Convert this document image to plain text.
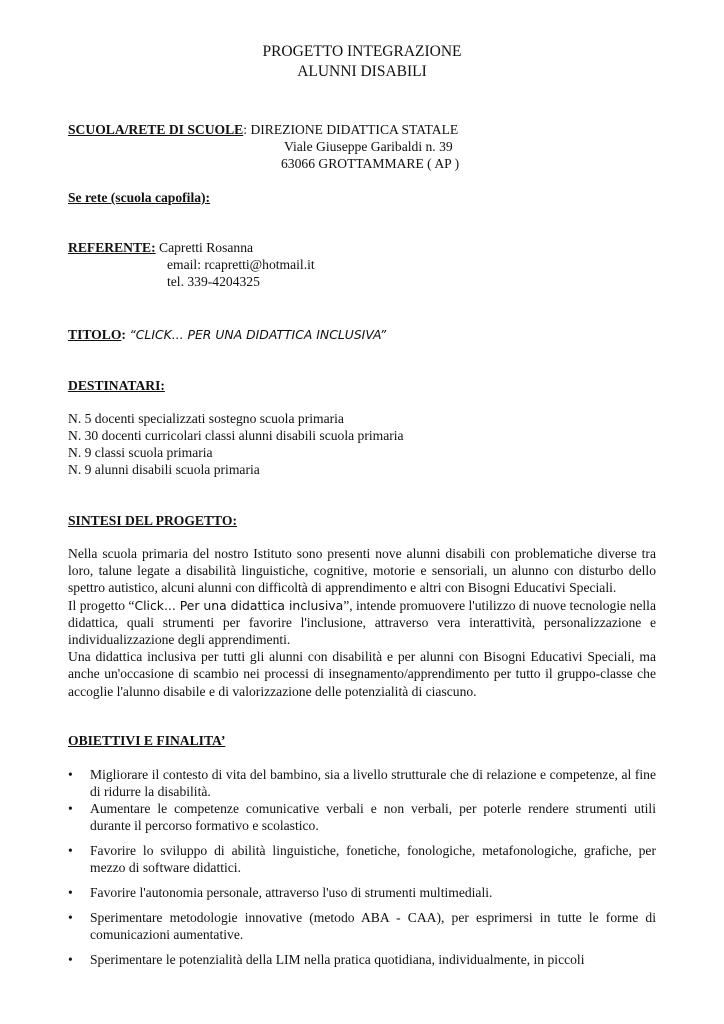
PROGETTO INTEGRAZIONE
ALUNNI DISABILI
SCUOLA/RETE DI SCUOLE: DIREZIONE DIDATTICA STATALE
Viale Giuseppe Garibaldi n. 39
63066 GROTTAMMARE ( AP )
Se rete (scuola capofila):
REFERENTE: Capretti Rosanna
email: rcapretti@hotmail.it
tel. 339-4204325
TITOLO: “CLICK... PER UNA DIDATTICA INCLUSIVA”
DESTINATARI:
N. 5 docenti specializzati sostegno scuola primaria
N. 30 docenti curricolari classi alunni disabili scuola primaria
N. 9 classi scuola primaria
N. 9 alunni disabili scuola primaria
SINTESI DEL PROGETTO:
Nella scuola primaria del nostro Istituto sono presenti nove alunni disabili con problematiche diverse tra loro, talune legate a disabilità linguistiche, cognitive, motorie e sensoriali, un alunno con disturbo dello spettro autistico, alcuni alunni con difficoltà di apprendimento e altri con Bisogni Educativi Speciali.
Il progetto “Click... Per una didattica inclusiva”, intende promuovere l'utilizzo di nuove tecnologie nella didattica, quali strumenti per favorire l'inclusione, attraverso vera interattività, personalizzazione e individualizzazione degli apprendimenti.
Una didattica inclusiva per tutti gli alunni con disabilità e per alunni con Bisogni Educativi Speciali, ma anche un'occasione di scambio nei processi di insegnamento/apprendimento per tutto il gruppo-classe che accoglie l'alunno disabile e di valorizzazione delle potenzialità di ciascuno.
OBIETTIVI E FINALITA’
• Migliorare il contesto di vita del bambino, sia a livello strutturale che di relazione e competenze, al fine di ridurre la disabilità.
• Aumentare le competenze comunicative verbali e non verbali, per poterle rendere strumenti utili durante il percorso formativo e scolastico.
• Favorire lo sviluppo di abilità linguistiche, fonetiche, fonologiche, metafonologiche, grafiche, per mezzo di software didattici.
• Favorire l'autonomia personale, attraverso l'uso di strumenti multimediali.
• Sperimentare metodologie innovative (metodo ABA - CAA), per esprimersi in tutte le forme di comunicazioni aumentative.
• Sperimentare le potenzialità della LIM nella pratica quotidiana, individualmente, in piccoli
